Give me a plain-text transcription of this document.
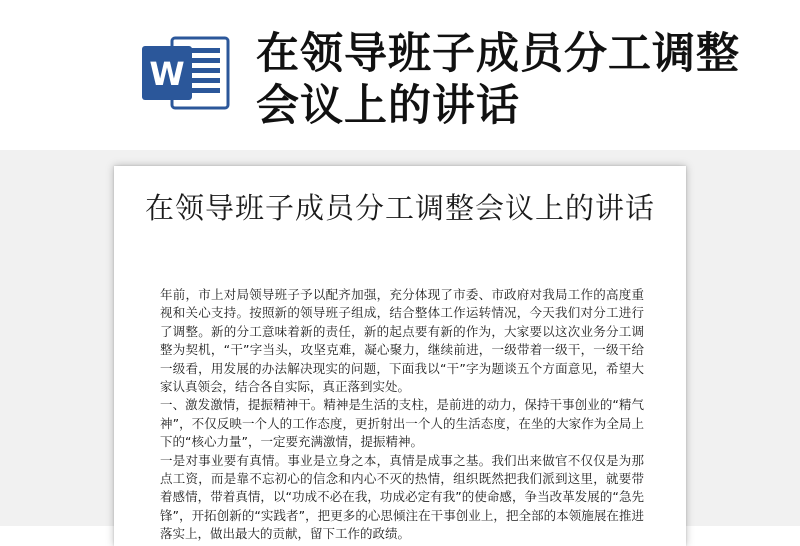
W 在领导班子成员分工调整会议上的讲话
在领导班子成员分工调整会议上的讲话

年前，市上对局领导班子予以配齐加强，充分体现了市委、市政府对我局工作的高度重视和关心支持。按照新的领导班子组成，结合整体工作运转情况，今天我们对分工进行了调整。新的分工意味着新的责任，新的起点要有新的作为，大家要以这次业务分工调整为契机，“干”字当头，攻坚克难，凝心聚力，继续前进，一级带着一级干，一级干给一级看，用发展的办法解决现实的问题，下面我以“干”字为题谈五个方面意见，希望大家认真领会，结合各自实际，真正落到实处。

一、激发激情，提振精神干。精神是生活的支柱，是前进的动力，保持干事创业的“精气神”，不仅反映一个人的工作态度，更折射出一个人的生活态度，在坐的大家作为全局上下的“核心力量”，一定要充满激情，提振精神。

一是对事业要有真情。事业是立身之本，真情是成事之基。我们出来做官不仅仅是为那点工资，而是靠不忘初心的信念和内心不灭的热情，组织既然把我们派到这里，就要带着感情，带着真情，以“功成不必在我，功成必定有我”的使命感，争当改革发展的“急先锋”，开拓创新的“实践者”，把更多的心思倾注在干事创业上，把全部的本领施展在推进落实上，做出最大的贡献，留下工作的政绩。
